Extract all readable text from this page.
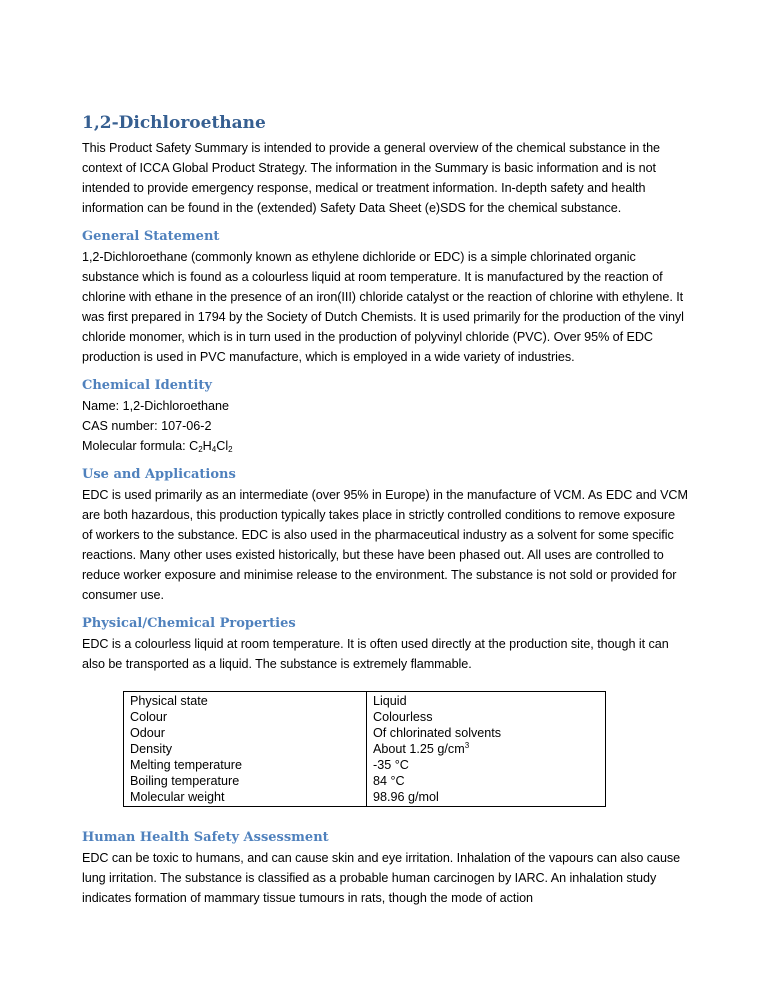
1,2-Dichloroethane

This Product Safety Summary is intended to provide a general overview of the chemical substance in the context of ICCA Global Product Strategy. The information in the Summary is basic information and is not intended to provide emergency response, medical or treatment information. In-depth safety and health information can be found in the (extended) Safety Data Sheet (e)SDS for the chemical substance.

General Statement

1,2-Dichloroethane (commonly known as ethylene dichloride or EDC) is a simple chlorinated organic substance which is found as a colourless liquid at room temperature. It is manufactured by the reaction of chlorine with ethane in the presence of an iron(III) chloride catalyst or the reaction of chlorine with ethylene. It was first prepared in 1794 by the Society of Dutch Chemists. It is used primarily for the production of the vinyl chloride monomer, which is in turn used in the production of polyvinyl chloride (PVC). Over 95% of EDC production is used in PVC manufacture, which is employed in a wide variety of industries.

Chemical Identity
Name: 1,2-Dichloroethane
CAS number: 107-06-2
Molecular formula: $C_2H_4Cl_2$
Use and Applications

EDC is used primarily as an intermediate (over 95% in Europe) in the manufacture of VCM. As EDC and VCM are both hazardous, this production typically takes place in strictly controlled conditions to remove exposure of workers to the substance. EDC is also used in the pharmaceutical industry as a solvent for some specific reactions. Many other uses existed historically, but these have been phased out. All uses are controlled to reduce worker exposure and minimise release to the environment. The substance is not sold or provided for consumer use.

Physical/Chemical Properties

EDC is a colourless liquid at room temperature. It is often used directly at the production site, though it can also be transported as a liquid. The substance is extremely flammable.

Physical state	Liquid
Colour	Colourless
Odour	Of chlorinated solvents
Density	About 1.25 $g/cm^3$
Melting temperature	-35 °C
Boiling temperature	84 °C
Molecular weight	98.96 g/mol
Human Health Safety Assessment

EDC can be toxic to humans, and can cause skin and eye irritation. Inhalation of the vapours can also cause lung irritation. The substance is classified as a probable human carcinogen by IARC. An inhalation study indicates formation of mammary tissue tumours in rats, though the mode of action
